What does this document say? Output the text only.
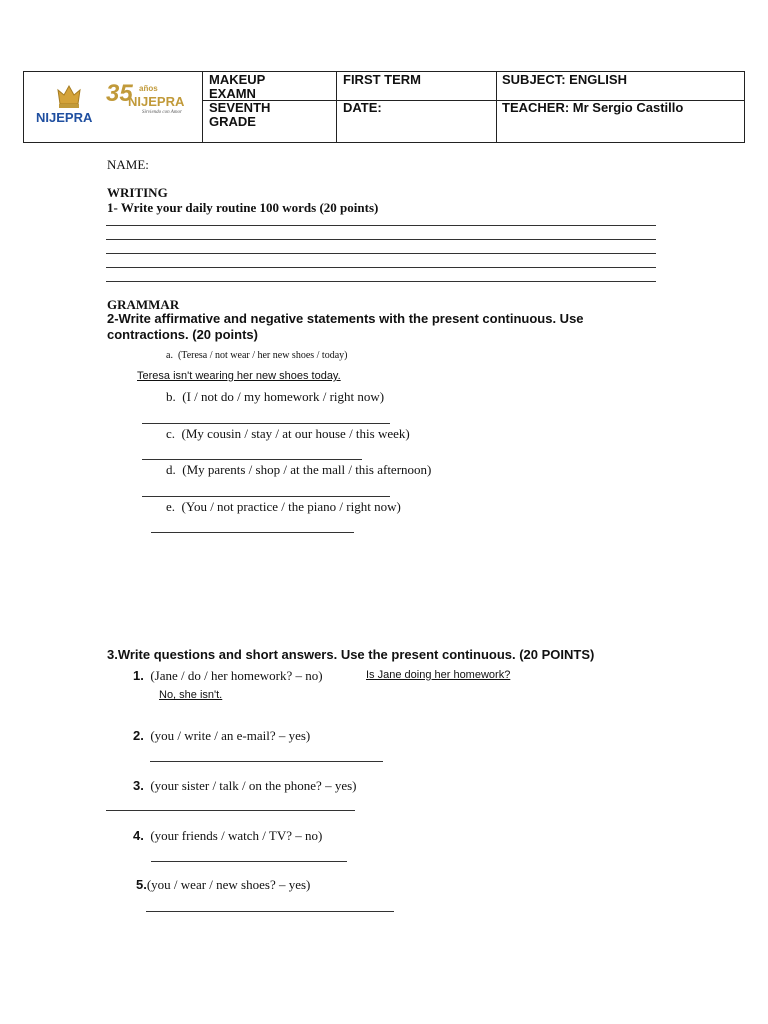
NIJEPRA
35 años
NIJEPRA
Sirviendo con Amor
MAKEUP
EXAMN
FIRST TERM	SUBJECT: ENGLISH
SEVENTH
GRADE
DATE:	TEACHER: Mr Sergio Castillo
NAME:
WRITING
1- Write your daily routine 100 words (20 points)
GRAMMAR
2-Write affirmative and negative statements with the present continuous. Use
contractions. (20 points)
a. (Teresa / not wear / her new shoes / today)
Teresa isn't wearing her new shoes today.
b. (I / not do / my homework / right now)
c. (My cousin / stay / at our house / this week)
d. (My parents / shop / at the mall / this afternoon)
e. (You / not practice / the piano / right now)
3.Write questions and short answers. Use the present continuous. (20 POINTS)
1. (Jane / do / her homework? – no)	Is Jane doing her homework?
No, she isn't.
2. (you / write / an e-mail? – yes)
3. (your sister / talk / on the phone? – yes)
4. (your friends / watch / TV? – no)
5.(you / wear / new shoes? – yes)
